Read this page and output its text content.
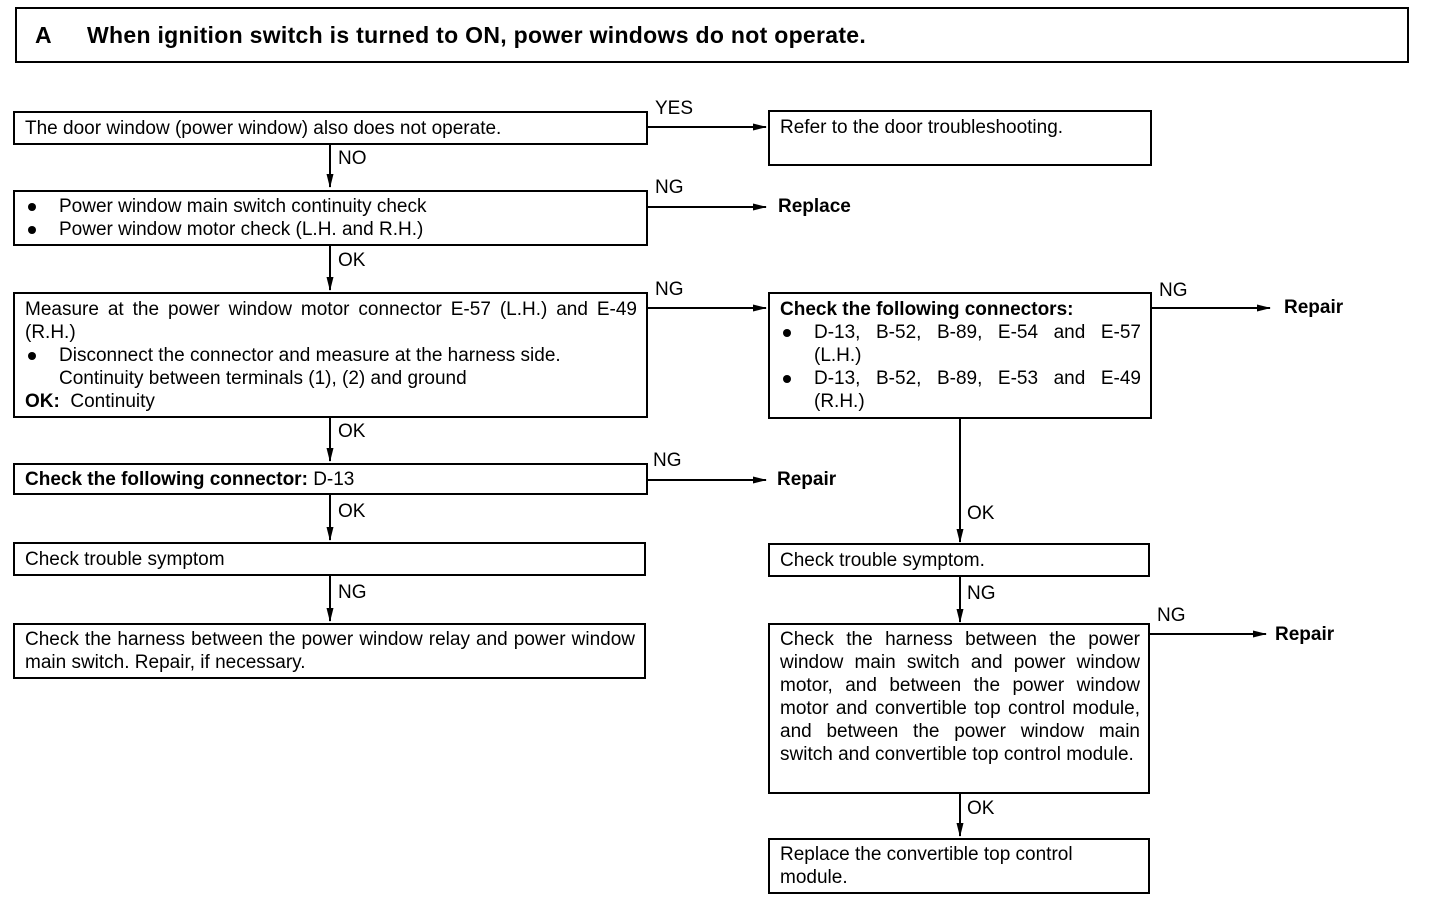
A When ignition switch is turned to ON, power windows do not operate.
The door window (power window) also does not operate.
Power window main switch continuity check
Power window motor check (L.H. and R.H.)
Measure at the power window motor connector E-57 (L.H.) and E-49 (R.H.)
Disconnect the connector and measure at the harness side.
Continuity between terminals (1), (2) and ground
OK: Continuity
Check the following connector: D-13
Check trouble symptom
Check the harness between the power window relay and power window main switch. Repair, if necessary.
Refer to the door troubleshooting.
Check the following connectors:
D-13, B-52, B-89, E-54 and E-57 (L.H.)
D-13, B-52, B-89, E-53 and E-49 (R.H.)
Check trouble symptom.
Check the harness between the power window main switch and power window motor, and between the power window motor and convertible top control module, and between the power window main switch and convertible top control module.
Replace the convertible top control module.
YES
NO
NG
OK
NG	NG
OK
NG
OK	OK
NG	NG
NG
OK
Replace
Repair
Repair
Repair
